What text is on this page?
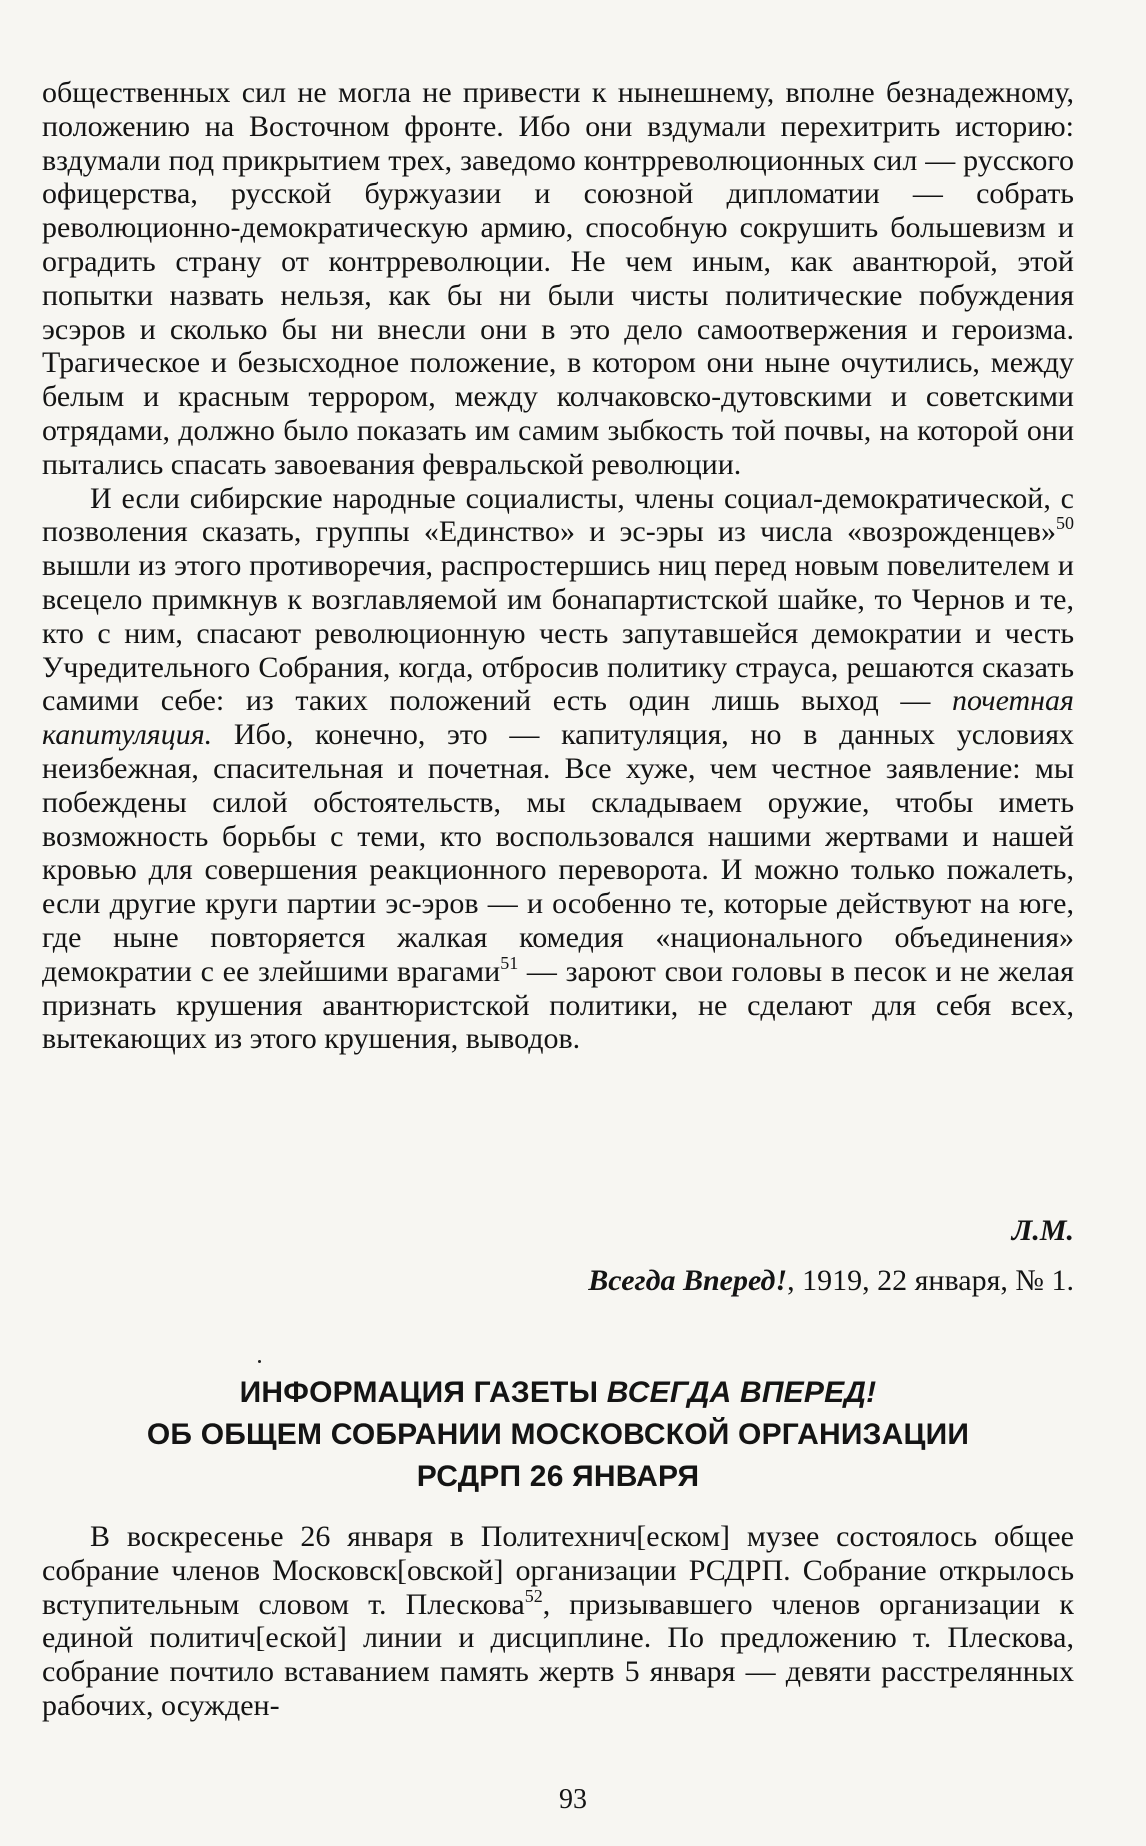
общественных сил не могла не привести к нынешнему, вполне безнадежному, положению на Восточном фронте. Ибо они вздумали перехитрить историю: вздумали под прикрытием трех, заведомо контрреволюционных сил — русского офицерства, русской буржуазии и союзной дипломатии — собрать революционно-демократическую армию, способную сокрушить большевизм и оградить страну от контрреволюции. Не чем иным, как авантюрой, этой попытки назвать нельзя, как бы ни были чисты политические побуждения эсэров и сколько бы ни внесли они в это дело самоотвержения и героизма. Трагическое и безысходное положение, в котором они ныне очутились, между белым и красным террором, между колчаковско-дутовскими и советскими отрядами, должно было показать им самим зыбкость той почвы, на которой они пытались спасать завоевания февральской революции.

И если сибирские народные социалисты, члены социал-демократической, с позволения сказать, группы «Единство» и эс-эры из числа «возрожденцев»$^{50}$ вышли из этого противоречия, распростершись ниц перед новым повелителем и всецело примкнув к возглавляемой им бонапартистской шайке, то Чернов и те, кто с ним, спасают революционную честь запутавшейся демократии и честь Учредительного Собрания, когда, отбросив политику страуса, решаются сказать самими себе: из таких положений есть один лишь выход — почетная капитуляция. Ибо, конечно, это — капитуляция, но в данных условиях неизбежная, спасительная и почетная. Все хуже, чем честное заявление: мы побеждены силой обстоятельств, мы складываем оружие, чтобы иметь возможность борьбы с теми, кто воспользовался нашими жертвами и нашей кровью для совершения реакционного переворота. И можно только пожалеть, если другие круги партии эс-эров — и особенно те, которые действуют на юге, где ныне повторяется жалкая комедия «национального объединения» демократии с ее злейшими врагами$^{51}$ — зароют свои головы в песок и не желая признать крушения авантюристской политики, не сделают для себя всех, вытекающих из этого крушения, выводов.

Л.М.
Всегда Вперед!, 1919, 22 января, № 1.
ИНФОРМАЦИЯ ГАЗЕТЫ ВСЕГДА ВПЕРЕД!
ОБ ОБЩЕМ СОБРАНИИ МОСКОВСКОЙ ОРГАНИЗАЦИИ
РСДРП 26 ЯНВАРЯ

В воскресенье 26 января в Политехнич[еском] музее состоялось общее собрание членов Московск[овской] организации РСДРП. Собрание открылось вступительным словом т. Плескова$^{52}$, призывавшего членов организации к единой политич[еской] линии и дисциплине. По предложению т. Плескова, собрание почтило вставанием память жертв 5 января — девяти расстрелянных рабочих, осужден-

93
